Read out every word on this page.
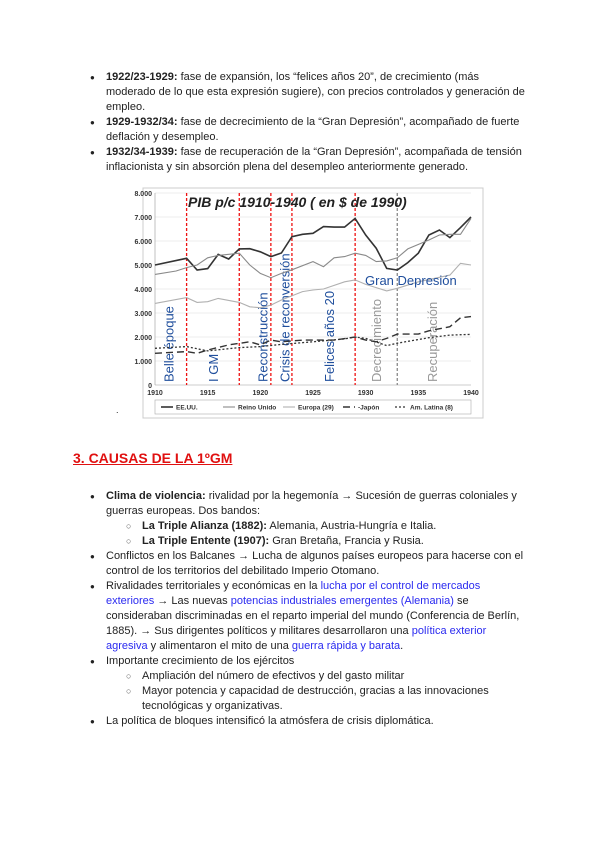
● 1922/23-1929: fase de expansión, los “felices años 20”, de crecimiento (más moderado de lo que esta expresión sugiere), con precios controlados y generación de empleo.
● 1929-1932/34: fase de decrecimiento de la “Gran Depresión”, acompañado de fuerte deflación y desempleo.
● 1932/34-1939: fase de recuperación de la “Gran Depresión”, acompañada de tensión inflacionista y sin absorción plena del desempleo anteriormente generado.
0
1.000
2.000
3.000
4.000
5.000
6.000
7.000
8.000
1910	1915	1920	1925	1930	1935	1940
Belle époque I GM	Reconstrucción Crisis de reconversión Felices años 20 Decrecimiento	Recuperación
PIB p/c 1910-1940 ( en $ de 1990)
Gran Depresión
EE.UU.	Reino Unido	Europa (29)	-Japón	Am. Latina (8)
.
3. CAUSAS DE LA 1ºGM
● Clima de violencia: rivalidad por la hegemonía → Sucesión de guerras coloniales y guerras europeas. Dos bandos:
○ La Triple Alianza (1882): Alemania, Austria-Hungría e Italia.
○ La Triple Entente (1907): Gran Bretaña, Francia y Rusia.
● Conflictos en los Balcanes → Lucha de algunos países europeos para hacerse con el control de los territorios del debilitado Imperio Otomano.
● Rivalidades territoriales y económicas en la lucha por el control de mercados exteriores → Las nuevas potencias industriales emergentes (Alemania) se consideraban discriminadas en el reparto imperial del mundo (Conferencia de Berlín, 1885). → Sus dirigentes políticos y militares desarrollaron una política exterior agresiva y alimentaron el mito de una guerra rápida y barata.
● Importante crecimiento de los ejércitos
○ Ampliación del número de efectivos y del gasto militar
○ Mayor potencia y capacidad de destrucción, gracias a las innovaciones tecnológicas y organizativas.
● La política de bloques intensificó la atmósfera de crisis diplomática.
